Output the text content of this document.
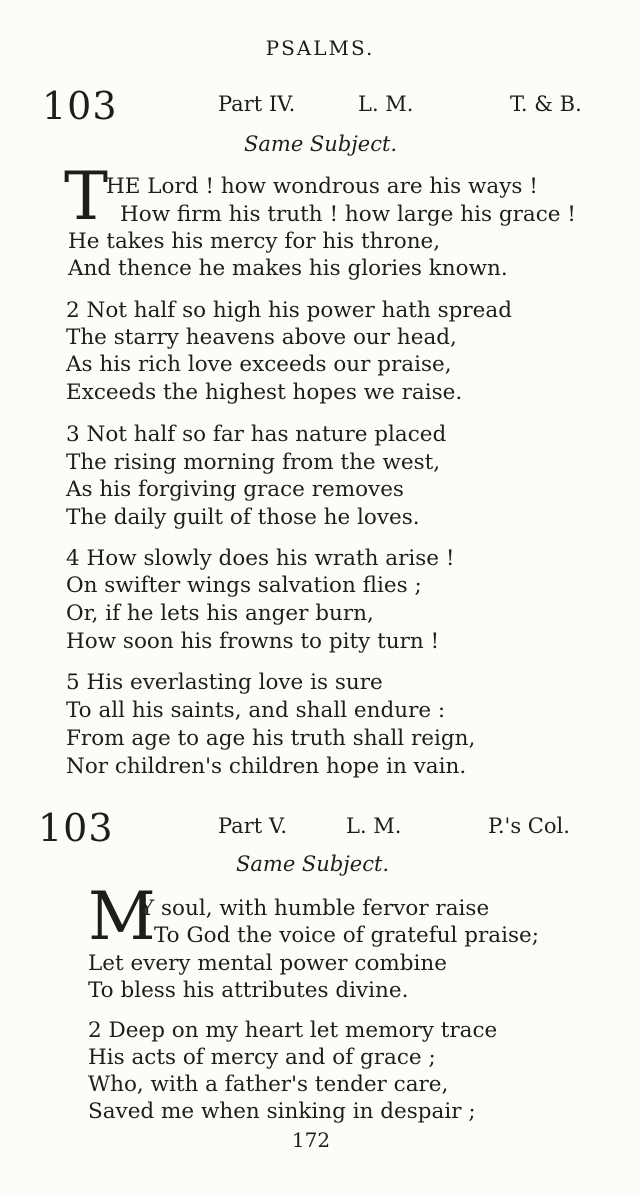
PSALMS.
103	Part IV.	L. M.	T. & B.
Same Subject.
T
HE Lord ! how wondrous are his ways !
How firm his truth ! how large his grace !
He takes his mercy for his throne,
And thence he makes his glories known.
2 Not half so high his power hath spread
The starry heavens above our head,
As his rich love exceeds our praise,
Exceeds the highest hopes we raise.
3 Not half so far has nature placed
The rising morning from the west,
As his forgiving grace removes
The daily guilt of those he loves.
4 How slowly does his wrath arise !
On swifter wings salvation flies ;
Or, if he lets his anger burn,
How soon his frowns to pity turn !
5 His everlasting love is sure
To all his saints, and shall endure :
From age to age his truth shall reign,
Nor children's children hope in vain.
103	Part V.	L. M.	P.'s Col.
Same Subject.
M
Y soul, with humble fervor raise
To God the voice of grateful praise;
Let every mental power combine
To bless his attributes divine.
2 Deep on my heart let memory trace
His acts of mercy and of grace ;
Who, with a father's tender care,
Saved me when sinking in despair ;
172
